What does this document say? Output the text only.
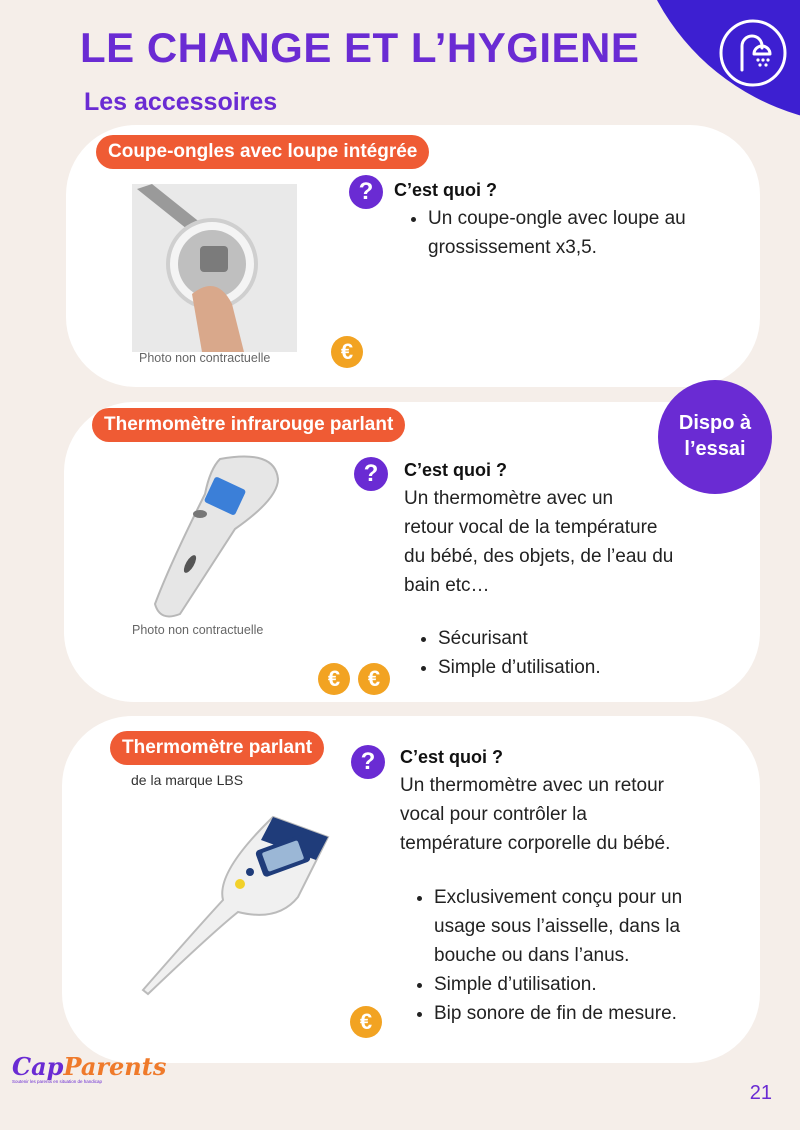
LE CHANGE ET L’HYGIENE
Les accessoires
Coupe-ongles avec loupe intégrée
Photo non contractuelle	€
?	C’est quoi ?
• Un coupe-ongle avec loupe au grossissement x3,5.
Thermomètre infrarouge parlant	Dispo à l’essai
Photo non contractuelle
€	€
?	C’est quoi ?
Un thermomètre avec un
retour vocal de la température
du bébé, des objets, de l’eau du
bain etc…
• Sécurisant
• Simple d’utilisation.
Thermomètre parlant
de la marque LBS
€
?	C’est quoi ?
Un thermomètre avec un retour
vocal pour contrôler la
température corporelle du bébé.
• Exclusivement conçu pour un usage sous l’aisselle, dans la bouche ou dans l’anus.
• Simple d’utilisation.
• Bip sonore de fin de mesure.
CapParents
Soutenir les parents en situation de handicap
21
